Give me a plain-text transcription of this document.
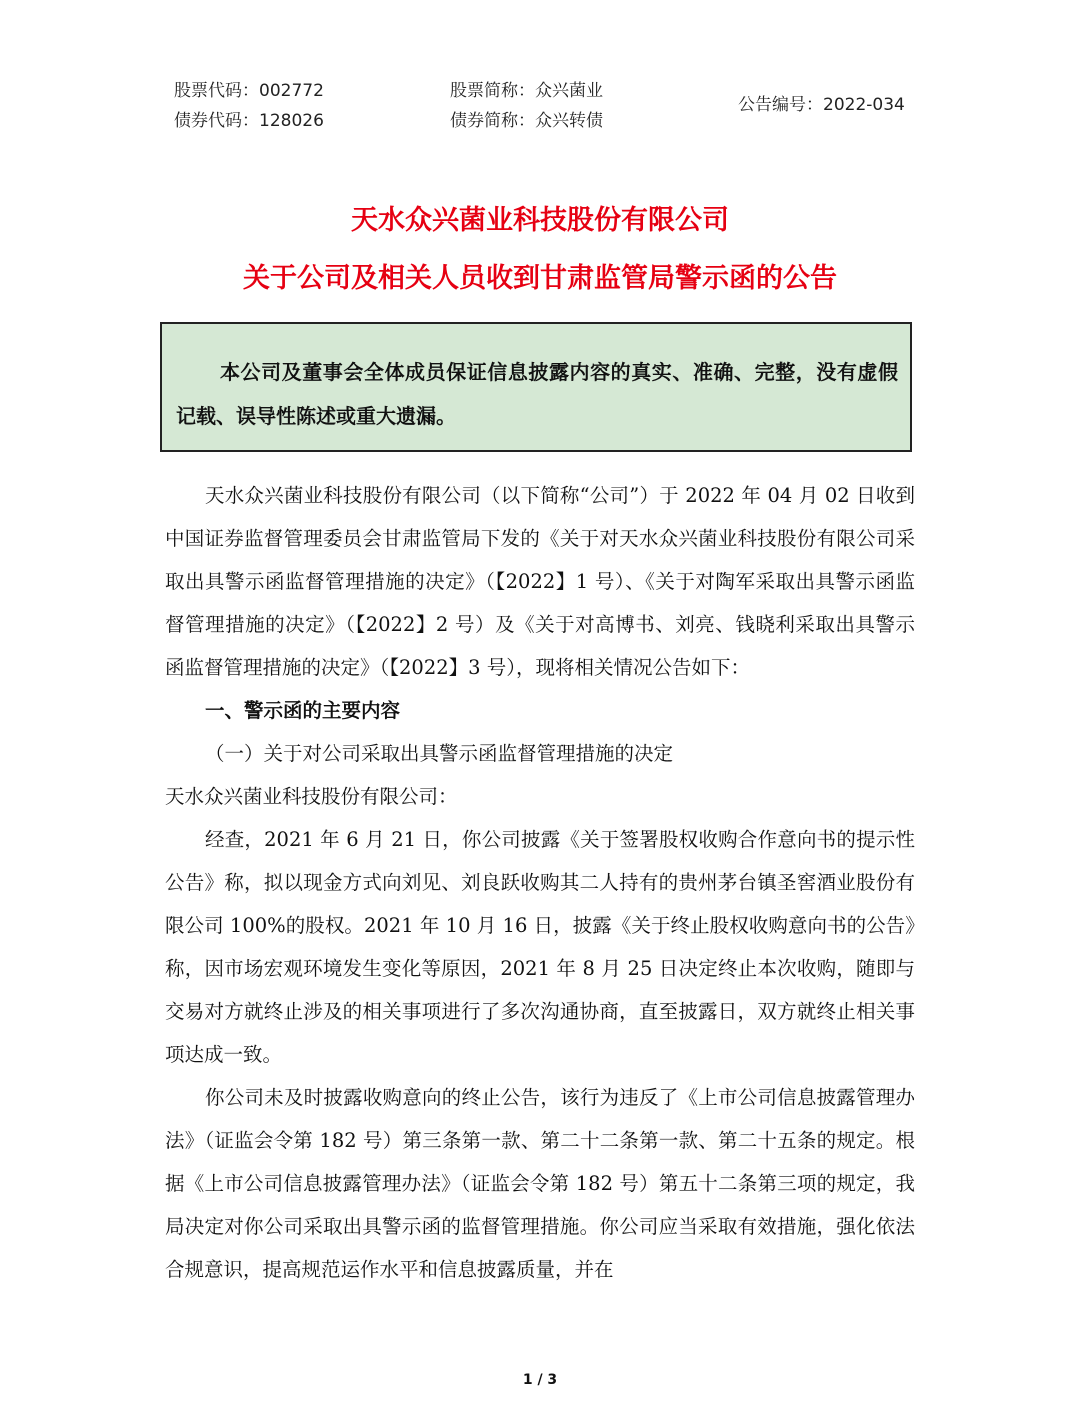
股票代码：002772
债券代码：128026
股票简称：众兴菌业
债券简称：众兴转债
公告编号：2022-034
天水众兴菌业科技股份有限公司
关于公司及相关人员收到甘肃监管局警示函的公告
本公司及董事会全体成员保证信息披露内容的真实、准确、完整，没有虚假记载、误导性陈述或重大遗漏。

天水众兴菌业科技股份有限公司（以下简称“公司”）于 2022 年 04 月 02 日收到中国证券监督管理委员会甘肃监管局下发的《关于对天水众兴菌业科技股份有限公司采取出具警示函监督管理措施的决定》（【2022】1 号）、《关于对陶军采取出具警示函监督管理措施的决定》（【2022】2 号）及《关于对高博书、刘亮、钱晓利采取出具警示函监督管理措施的决定》（【2022】3 号），现将相关情况公告如下：

一、警示函的主要内容

（一）关于对公司采取出具警示函监督管理措施的决定

天水众兴菌业科技股份有限公司：

经查，2021 年 6 月 21 日，你公司披露《关于签署股权收购合作意向书的提示性公告》称，拟以现金方式向刘见、刘良跃收购其二人持有的贵州茅台镇圣窖酒业股份有限公司 100%的股权。2021 年 10 月 16 日，披露《关于终止股权收购意向书的公告》称，因市场宏观环境发生变化等原因，2021 年 8 月 25 日决定终止本次收购，随即与交易对方就终止涉及的相关事项进行了多次沟通协商，直至披露日，双方就终止相关事项达成一致。

你公司未及时披露收购意向的终止公告，该行为违反了《上市公司信息披露管理办法》（证监会令第 182 号）第三条第一款、第二十二条第一款、第二十五条的规定。根据《上市公司信息披露管理办法》（证监会令第 182 号）第五十二条第三项的规定，我局决定对你公司采取出具警示函的监督管理措施。你公司应当采取有效措施，强化依法合规意识，提高规范运作水平和信息披露质量，并在

1 / 3
